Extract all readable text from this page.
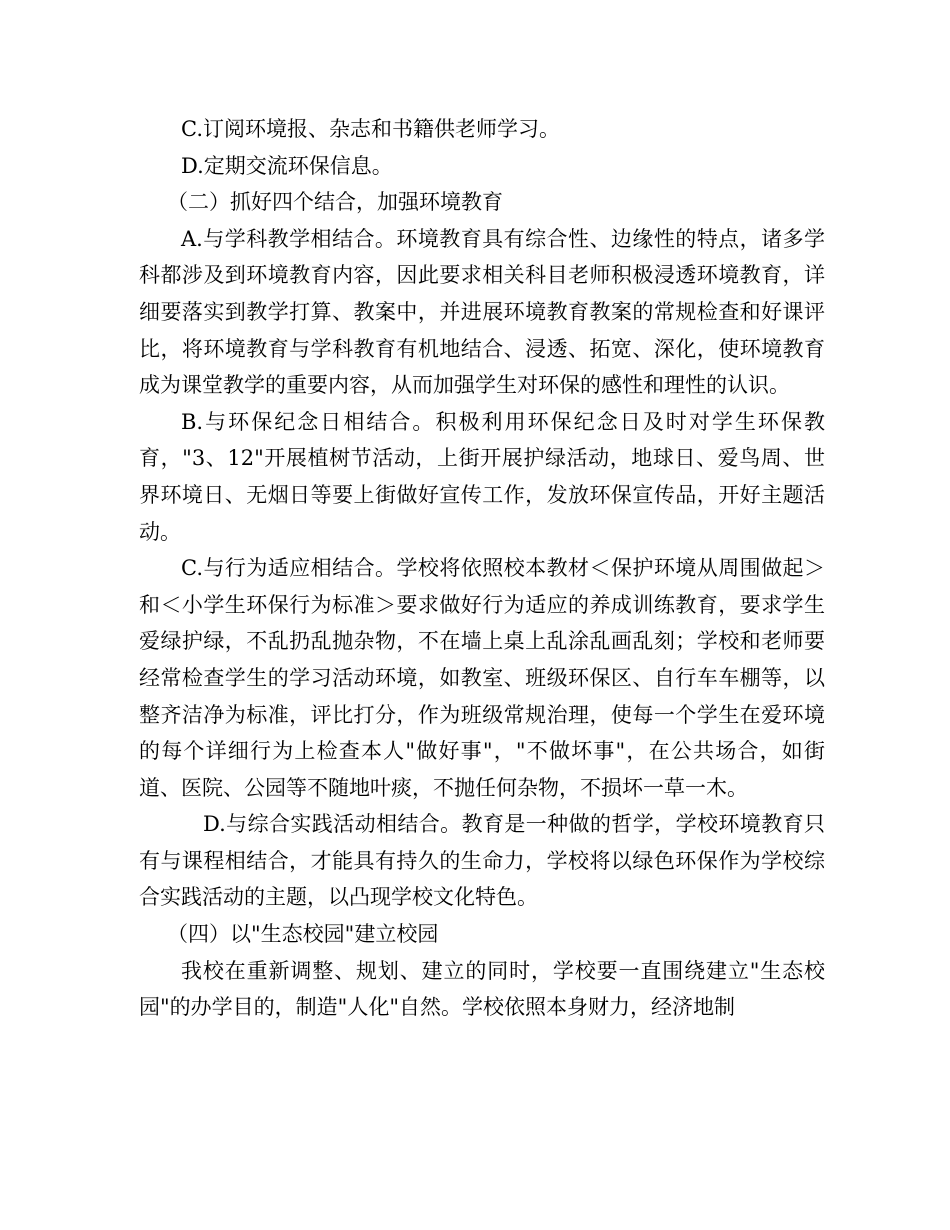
C.订阅环境报、杂志和书籍供老师学习。

D.定期交流环保信息。

（二）抓好四个结合，加强环境教育

A.与学科教学相结合。环境教育具有综合性、边缘性的特点，诸多学科都涉及到环境教育内容，因此要求相关科目老师积极浸透环境教育，详细要落实到教学打算、教案中，并进展环境教育教案的常规检查和好课评比，将环境教育与学科教育有机地结合、浸透、拓宽、深化，使环境教育成为课堂教学的重要内容，从而加强学生对环保的感性和理性的认识。

B.与环保纪念日相结合。积极利用环保纪念日及时对学生环保教育，"3、12"开展植树节活动，上街开展护绿活动，地球日、爱鸟周、世界环境日、无烟日等要上街做好宣传工作，发放环保宣传品，开好主题活动。

C.与行为适应相结合。学校将依照校本教材＜保护环境从周围做起＞和＜小学生环保行为标准＞要求做好行为适应的养成训练教育，要求学生爱绿护绿，不乱扔乱抛杂物，不在墙上桌上乱涂乱画乱刻；学校和老师要经常检查学生的学习活动环境，如教室、班级环保区、自行车车棚等，以整齐洁净为标准，评比打分，作为班级常规治理，使每一个学生在爱环境的每个详细行为上检查本人"做好事"，"不做坏事"，在公共场合，如街道、医院、公园等不随地叶痰，不抛任何杂物，不损坏一草一木。

D.与综合实践活动相结合。教育是一种做的哲学，学校环境教育只有与课程相结合，才能具有持久的生命力，学校将以绿色环保作为学校综合实践活动的主题，以凸现学校文化特色。

（四）以"生态校园"建立校园

我校在重新调整、规划、建立的同时，学校要一直围绕建立"生态校园"的办学目的，制造"人化"自然。学校依照本身财力，经济地制
